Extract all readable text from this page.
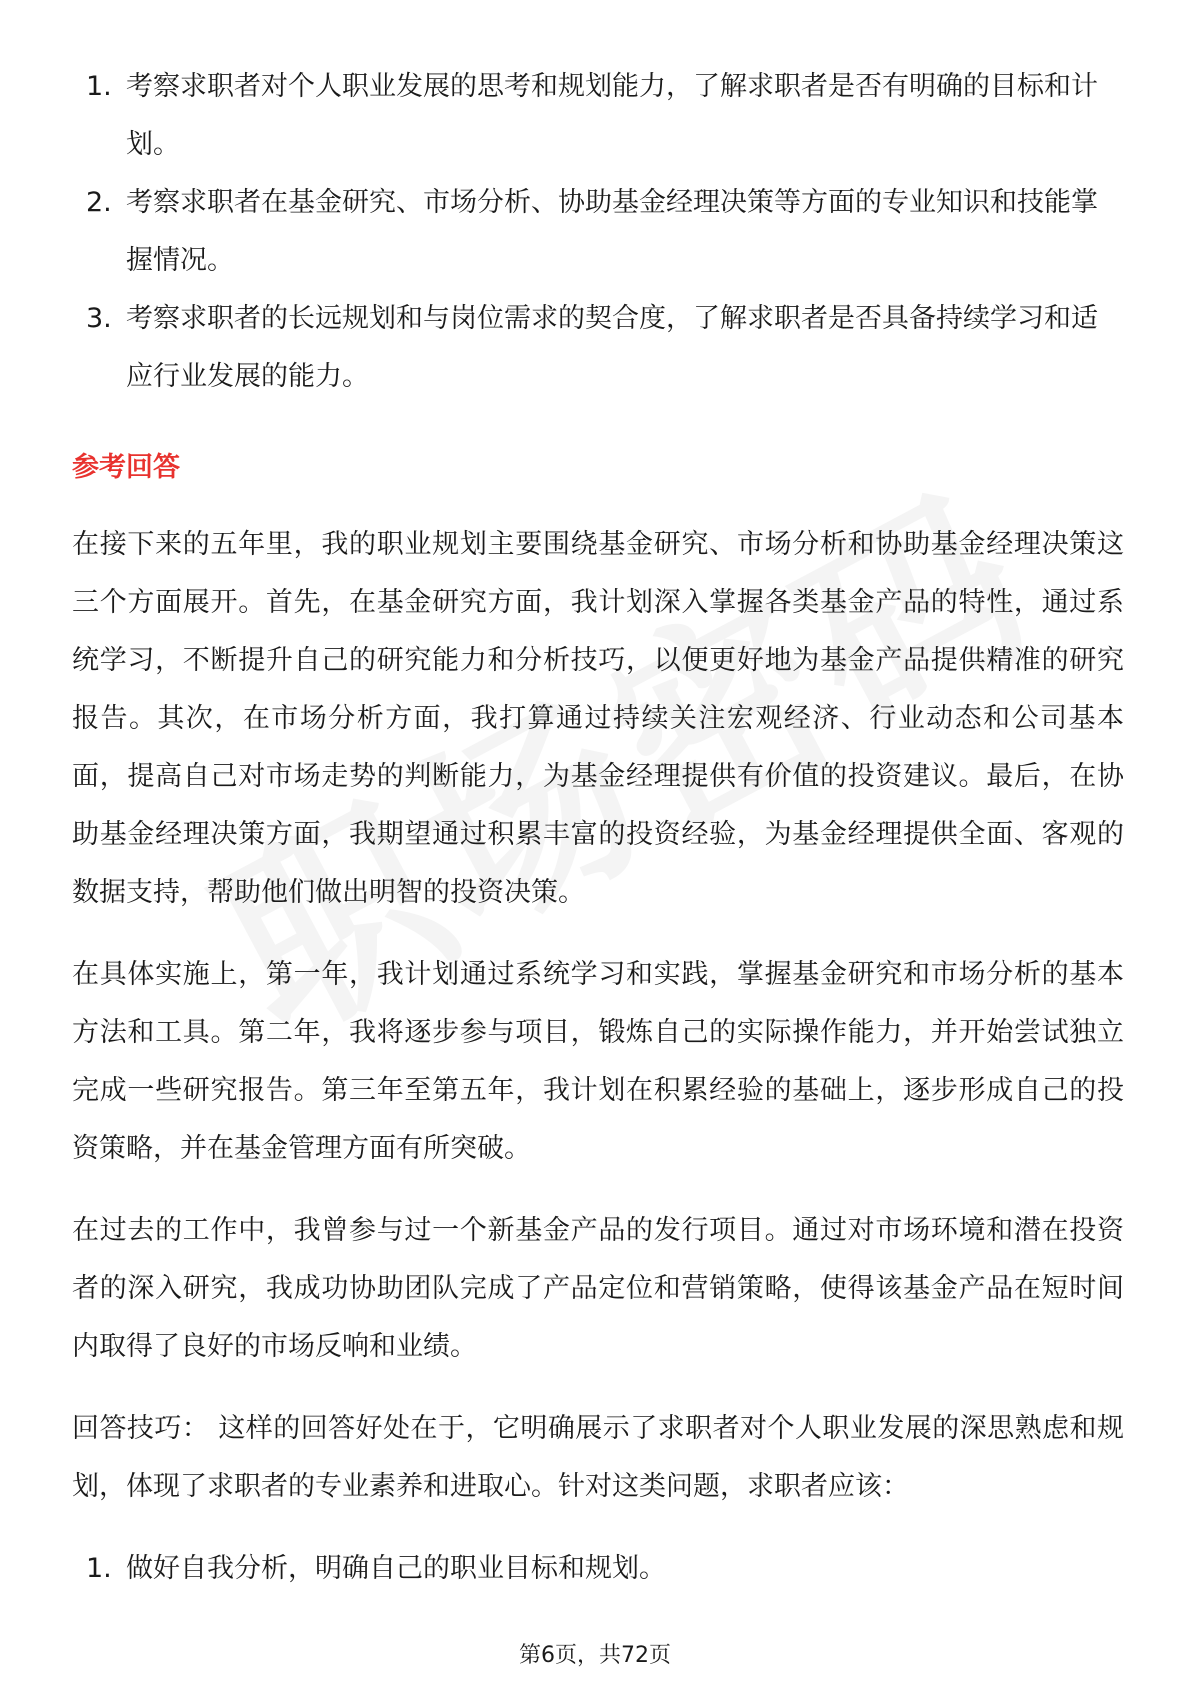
1. 考察求职者对个人职业发展的思考和规划能力，了解求职者是否有明确的目标和计划。
2. 考察求职者在基金研究、市场分析、协助基金经理决策等方面的专业知识和技能掌握情况。
3. 考察求职者的长远规划和与岗位需求的契合度，了解求职者是否具备持续学习和适应行业发展的能力。
参考回答

在接下来的五年里，我的职业规划主要围绕基金研究、市场分析和协助基金经理决策这三个方面展开。首先，在基金研究方面，我计划深入掌握各类基金产品的特性，通过系统学习，不断提升自己的研究能力和分析技巧，以便更好地为基金产品提供精准的研究报告。其次，在市场分析方面，我打算通过持续关注宏观经济、行业动态和公司基本面，提高自己对市场走势的判断能力，为基金经理提供有价值的投资建议。最后，在协助基金经理决策方面，我期望通过积累丰富的投资经验，为基金经理提供全面、客观的数据支持，帮助他们做出明智的投资决策。

在具体实施上，第一年，我计划通过系统学习和实践，掌握基金研究和市场分析的基本方法和工具。第二年，我将逐步参与项目，锻炼自己的实际操作能力，并开始尝试独立完成一些研究报告。第三年至第五年，我计划在积累经验的基础上，逐步形成自己的投资策略，并在基金管理方面有所突破。

在过去的工作中，我曾参与过一个新基金产品的发行项目。通过对市场环境和潜在投资者的深入研究，我成功协助团队完成了产品定位和营销策略，使得该基金产品在短时间内取得了良好的市场反响和业绩。

回答技巧： 这样的回答好处在于，它明确展示了求职者对个人职业发展的深思熟虑和规划，体现了求职者的专业素养和进取心。针对这类问题，求职者应该：

1. 做好自我分析，明确自己的职业目标和规划。
第6页，共72页
